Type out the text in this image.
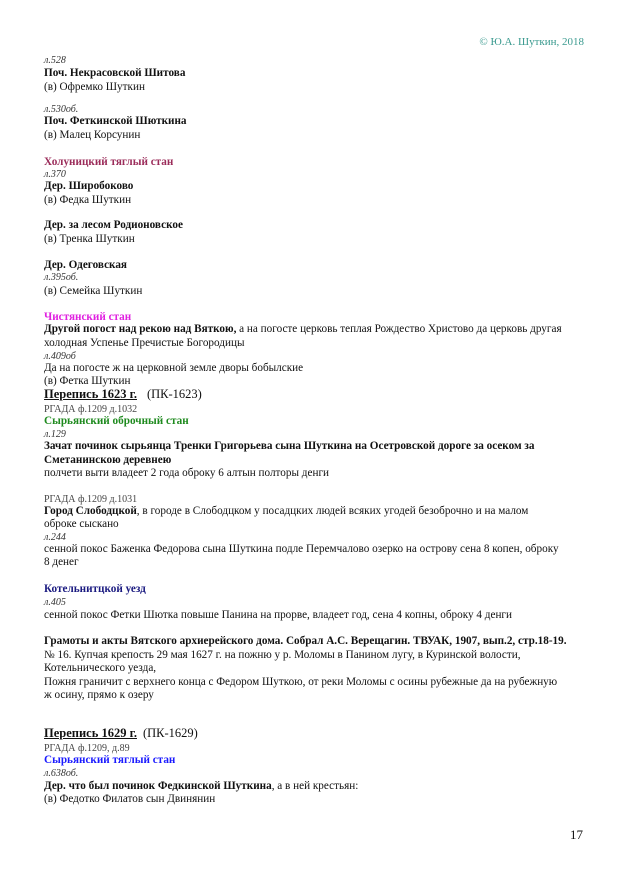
© Ю.А. Шуткин, 2018
л.528
Поч. Некрасовской Шитова
(в) Офремко Шуткин
л.530об.
Поч. Феткинской Шюткина
(в) Малец Корсунин
Холуницкий тяглый стан
л.370
Дер. Широбоково
(в) Федка Шуткин
Дер. за лесом Родионовское
(в) Тренка Шуткин
Дер. Одеговская
л.395об.
(в) Семейка Шуткин
Чистянский стан
Другой погост над рекою над Вяткою, а на погосте церковь теплая Рождество Христово да церковь другая
холодная Успенье Пречистые Богородицы
л.409об
Да на погосте ж на церковной земле дворы бобылские
(в) Фетка Шуткин
Перепись 1623 г. (ПК-1623)
РГАДА ф.1209 д.1032
Сырьянский оброчный стан
л.129
Зачат починок сырьянца Тренки Григорьева сына Шуткина на Осетровской дороге за осеком за
Сметанинскою деревнею
полчети выти владеет 2 года оброку 6 алтын полторы денги
РГАДА ф.1209 д.1031
Город Слободцкой, в городе в Слободцком у посадцких людей всяких угодей безоброчно и на малом
оброке сыскано
л.244
сенной покос Баженка Федорова сына Шуткина подле Перемчалово озерко на острову сена 8 копен, оброку
8 денег
Котельнитцкой уезд
л.405
сенной покос Фетки Шютка повыше Панина на прорве, владеет год, сена 4 копны, оброку 4 денги
Грамоты и акты Вятского архиерейского дома. Собрал А.С. Верещагин. ТВУАК, 1907, вып.2, стр.18-19.
№ 16. Купчая крепость 29 мая 1627 г. на пожню у р. Моломы в Панином лугу, в Куринской волости,
Котельнического уезда,
Пожня граничит с верхнего конца с Федором Шуткою, от реки Моломы с осины рубежные да на рубежную
ж осину, прямо к озеру
Перепись 1629 г. (ПК-1629)
РГАДА ф.1209, д.89
Сырьянский тяглый стан
л.638об.
Дер. что был починок Федкинской Шуткина, а в ней крестьян:
(в) Федотко Филатов сын Двинянин
17
